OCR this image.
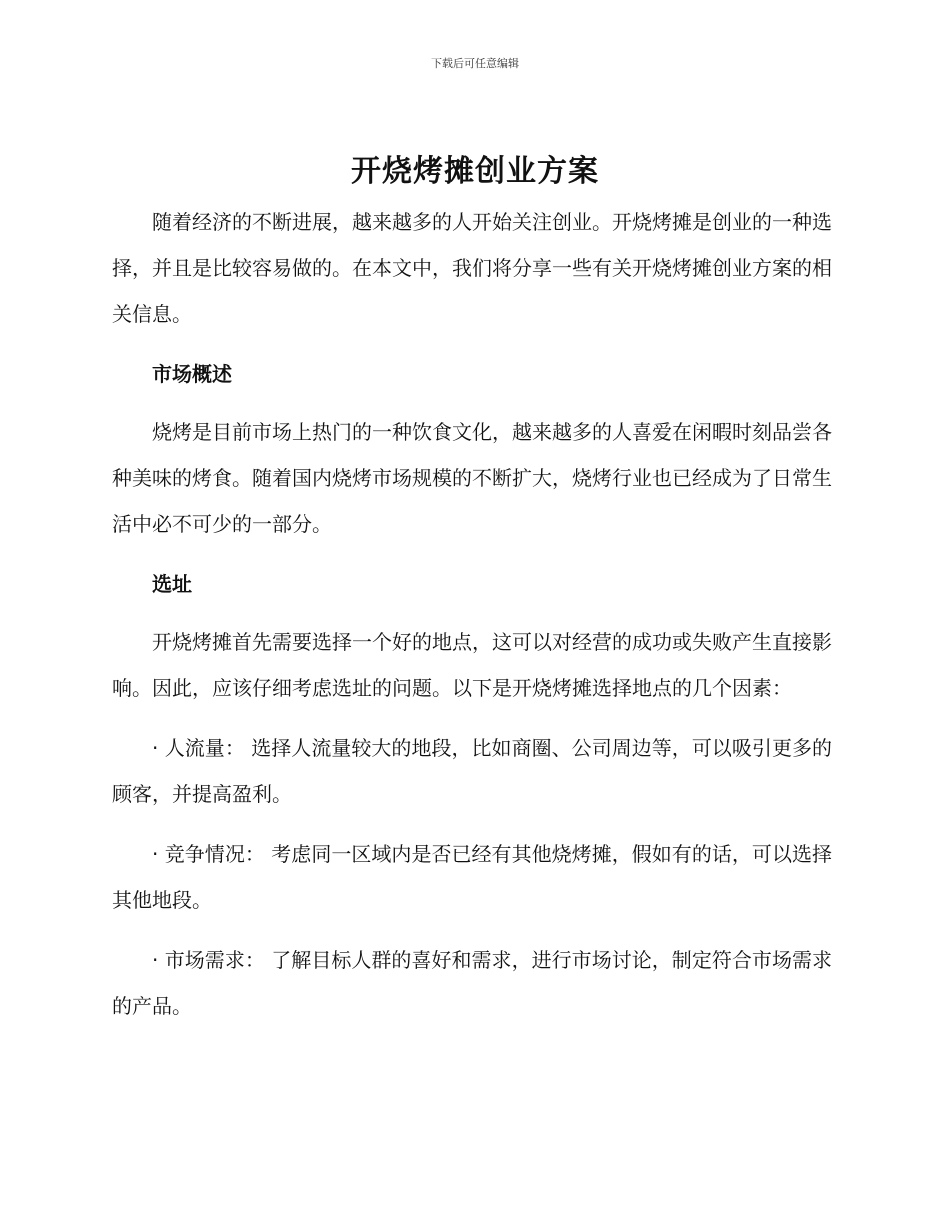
下载后可任意编辑
开烧烤摊创业方案

随着经济的不断进展，越来越多的人开始关注创业。开烧烤摊是创业的一种选择，并且是比较容易做的。在本文中，我们将分享一些有关开烧烤摊创业方案的相关信息。

市场概述

烧烤是目前市场上热门的一种饮食文化，越来越多的人喜爱在闲暇时刻品尝各种美味的烤食。随着国内烧烤市场规模的不断扩大，烧烤行业也已经成为了日常生活中必不可少的一部分。

选址

开烧烤摊首先需要选择一个好的地点，这可以对经营的成功或失败产生直接影响。因此，应该仔细考虑选址的问题。以下是开烧烤摊选择地点的几个因素：

· 人流量： 选择人流量较大的地段，比如商圈、公司周边等，可以吸引更多的顾客，并提高盈利。

· 竞争情况： 考虑同一区域内是否已经有其他烧烤摊，假如有的话，可以选择其他地段。

· 市场需求： 了解目标人群的喜好和需求，进行市场讨论，制定符合市场需求的产品。
